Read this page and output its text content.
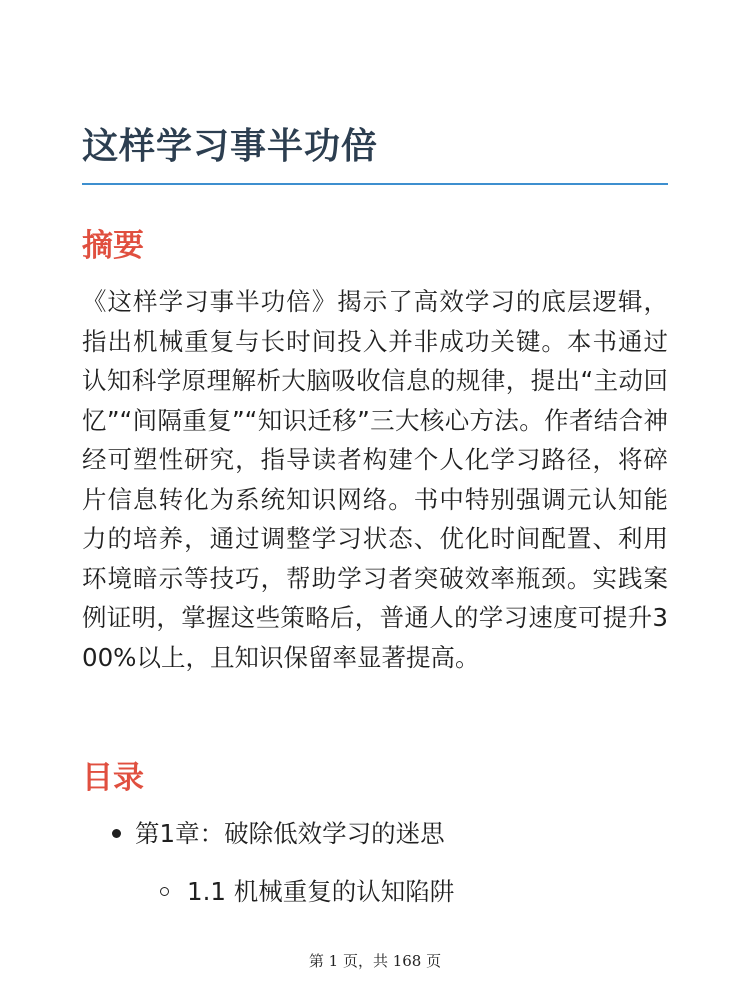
这样学习事半功倍
摘要

《这样学习事半功倍》揭示了高效学习的底层逻辑，指出机械重复与长时间投入并非成功关键。本书通过认知科学原理解析大脑吸收信息的规律，提出“主动回忆”“间隔重复”“知识迁移”三大核心方法。作者结合神经可塑性研究，指导读者构建个人化学习路径，将碎片信息转化为系统知识网络。书中特别强调元认知能力的培养，通过调整学习状态、优化时间配置、利用环境暗示等技巧，帮助学习者突破效率瓶颈。实践案例证明，掌握这些策略后，普通人的学习速度可提升300%以上，且知识保留率显著提高。

目录
第1章：破除低效学习的迷思
1.1 机械重复的认知陷阱
第 1 页，共 168 页
